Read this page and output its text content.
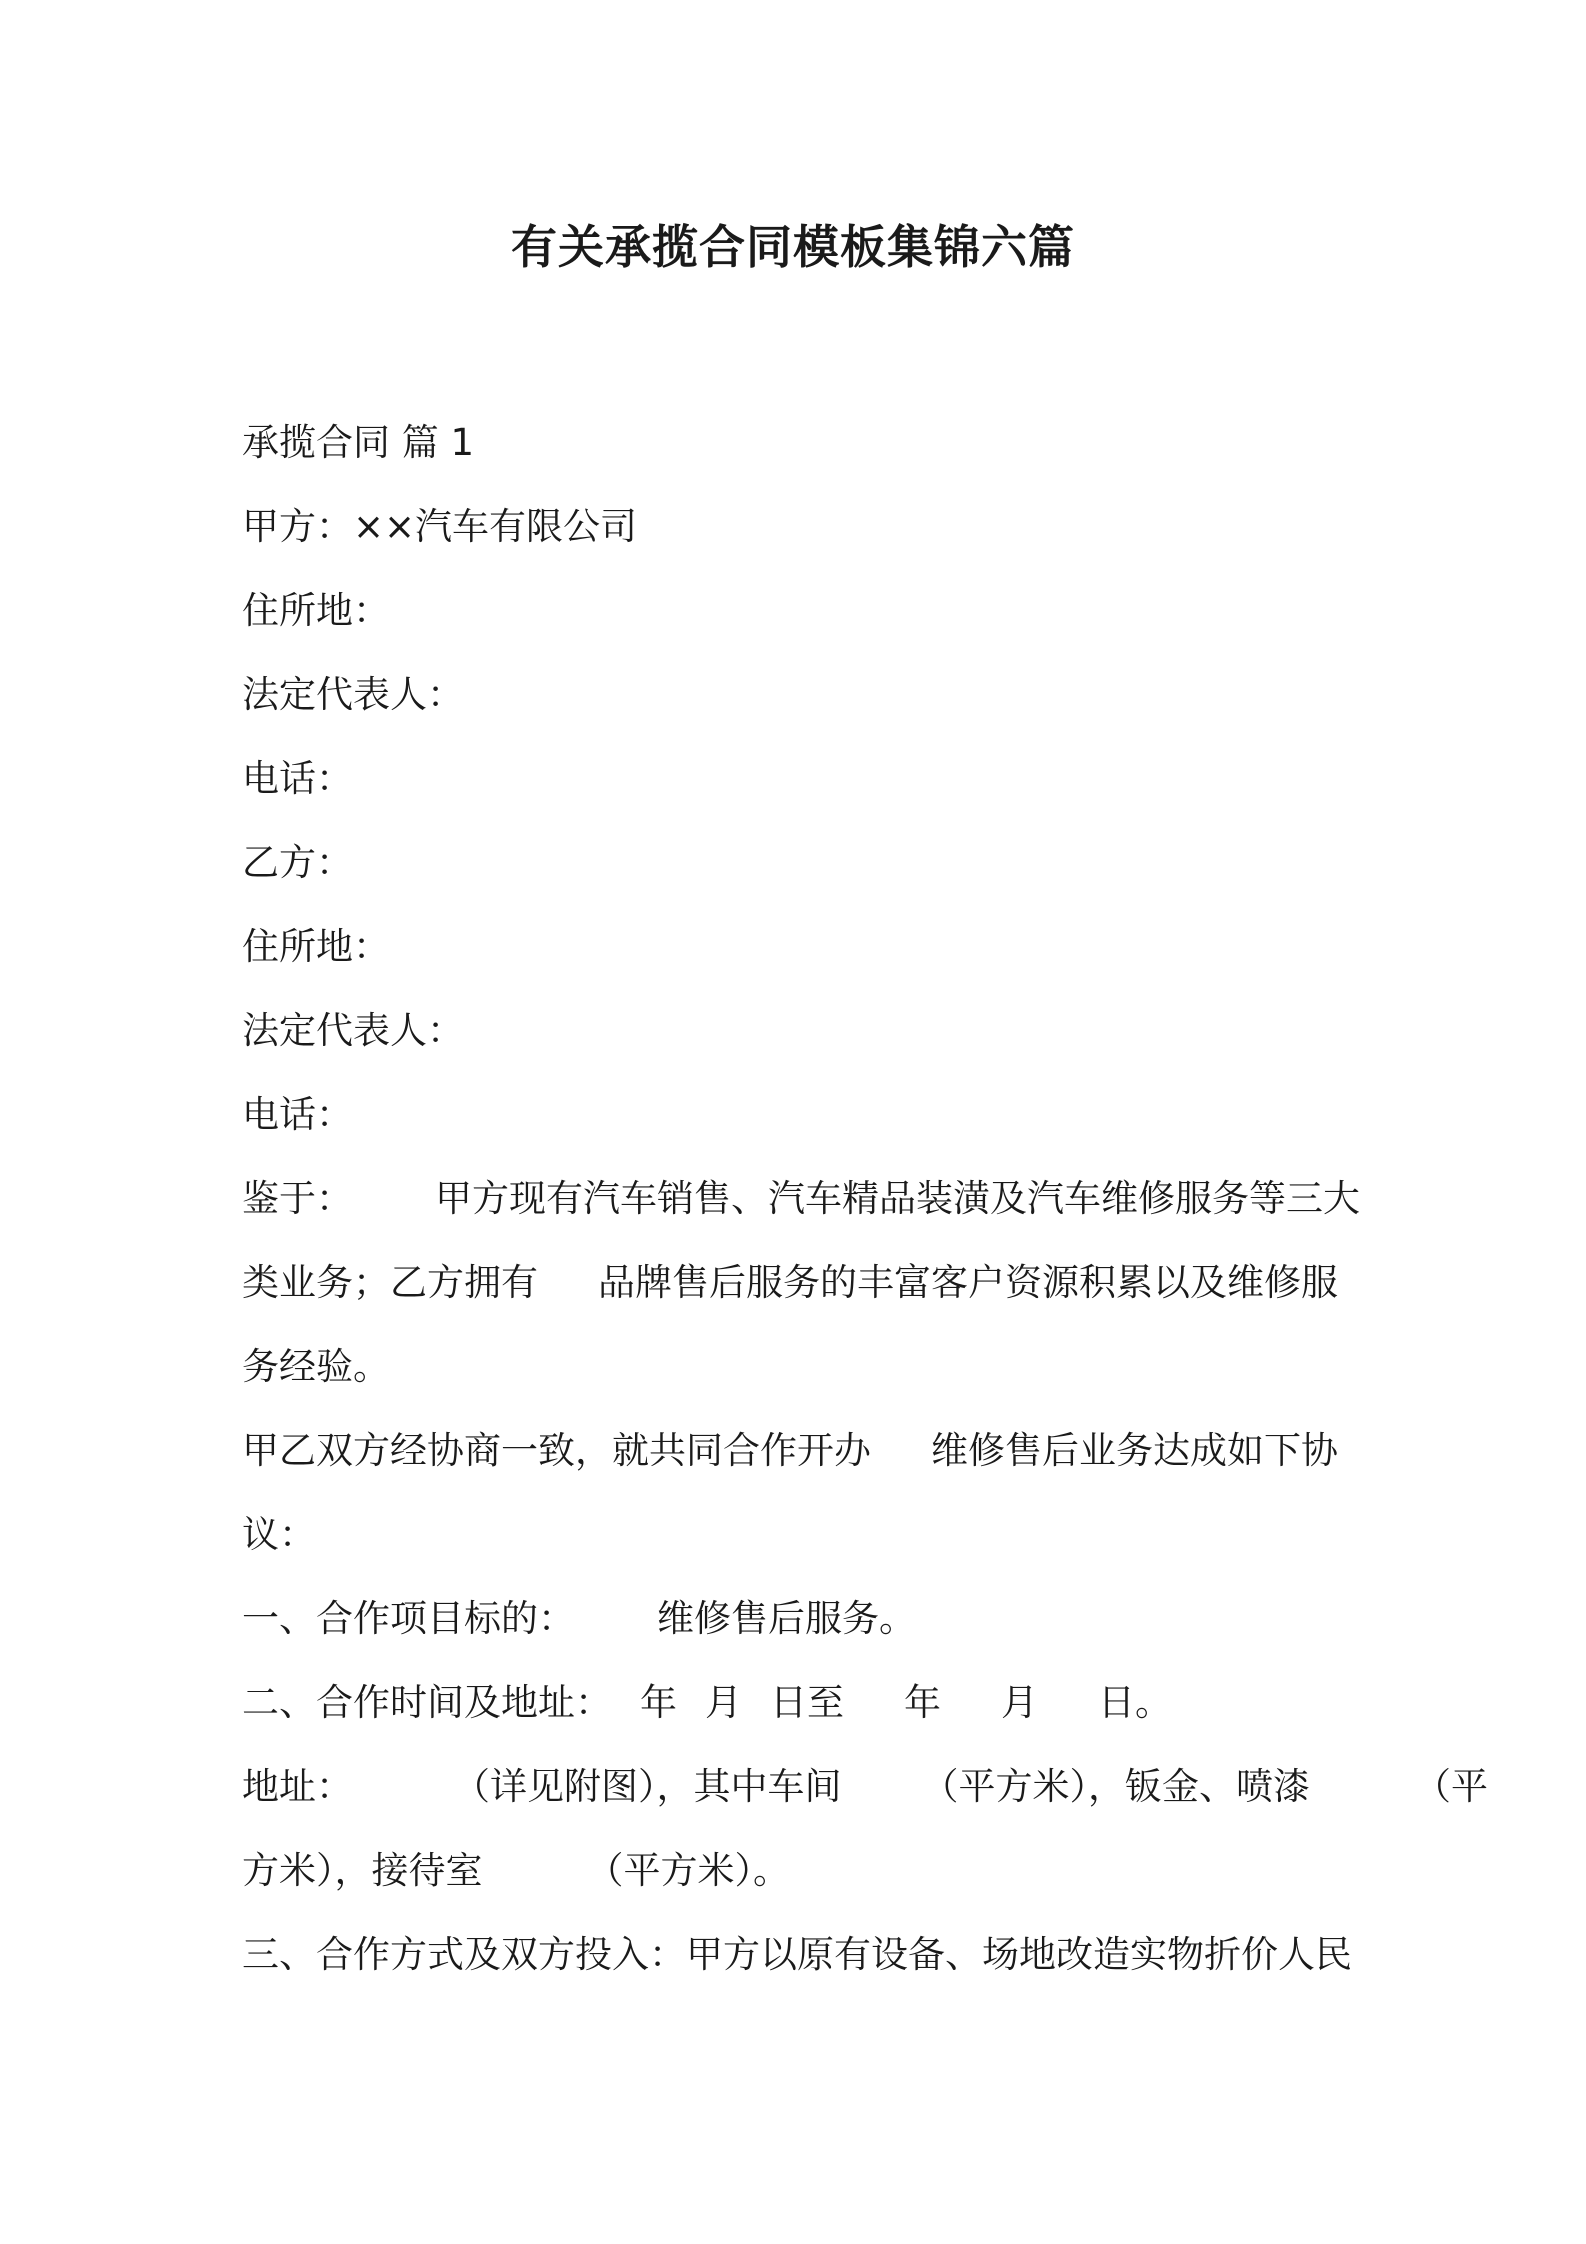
有关承揽合同模板集锦六篇
承揽合同 篇 1
甲方：××汽车有限公司
住所地：
法定代表人：
电话：
乙方：
住所地：
法定代表人：
电话：
鉴于： 甲方现有汽车销售、汽车精品装潢及汽车维修服务等三大
类业务；乙方拥有 品牌售后服务的丰富客户资源积累以及维修服
务经验。
甲乙双方经协商一致，就共同合作开办 维修售后业务达成如下协
议：
一、合作项目标的： 维修售后服务。
二、合作时间及地址： 年 月 日至 年 月 日。
地址：	（详见附图），其中车间 （平方米），钣金、喷漆	（平
方米），接待室	（平方米）。
三、合作方式及双方投入：甲方以原有设备、场地改造实物折价人民
